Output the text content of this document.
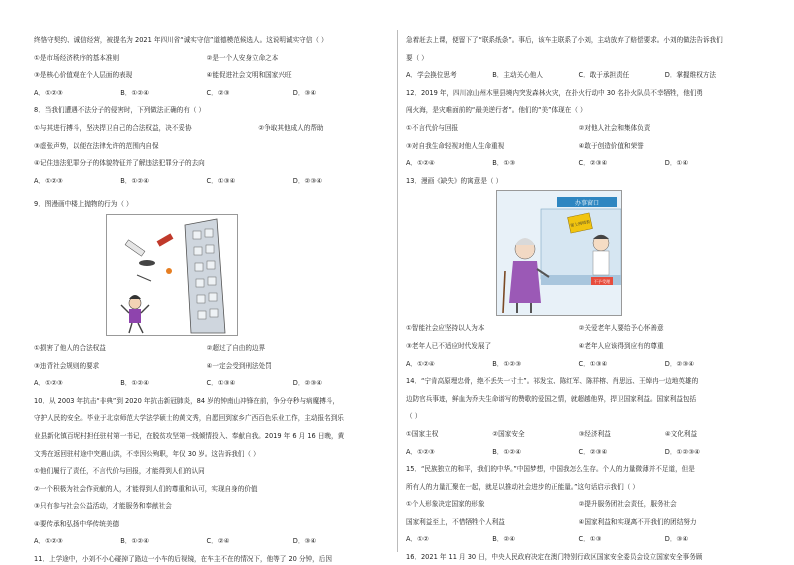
终恪守契约、诚信经营，被提名为 2021 年四川省“诚实守信”道德模范候选人。这说明诚实守信（ ）
①是市场经济秩序的基本准则	②是一个人安身立命之本
③是核心价值观在个人层面的表现	④能促进社会文明和国家兴旺
A．①②③	B．①②④	C．②③	D．③④
8．当我们遭遇不法分子的侵害时，下列做法正确的有（ ）
①与其进行搏斗，坚决捍卫自己的合法权益，决不妥协	②争取其他成人的帮助
③虚张声势，以便在法律允许的范围内自保
④记住违法犯罪分子的体貌特征并了解违法犯罪分子的去向
A．①②③	B．①②④	C．①③④	D．②③④
9．图漫画中楼上抛物的行为（ ）
①损害了他人的合法权益	②超过了自由的边界
③违背社会规则的要求	④一定会受到刑法处罚
A．①②③	B．①②④	C．①③④	D．②③④
10．从 2003 年抗击“非典”到 2020 年抗击新冠肺炎，84 岁的钟南山冲锋在前，争分夺秒与病魔搏斗，
守护人民的安全。毕业于北京师范大学法学硕士的黄文秀，自愿回到家乡广西百色乐业工作，主动报名到乐
业县新化镇百坭村担任驻村第一书记，在脱贫攻坚第一线倾情投入、奉献自我。2019 年 6 月 16 日晚，黄
文秀在返回驻村途中突遇山洪，不幸因公殉职，年仅 30 岁。这告诉我们（ ）
①他们履行了责任，不言代价与回报，才能得到人们的认同
②一个积极为社会作贡献的人，才能得到人们的尊重和认可，实现自身的价值
③只有参与社会公益活动，才能服务和奉献社会
④要传承和弘扬中华传统美德
A．①②③	B．①②④	C．②④	D．③④
11．上学途中，小刘不小心碰掉了路边一小车的后视镜，在车主不在的情况下，他等了 20 分钟，后因
急着赶去上课，便留下了“联系纸条”。事后，该车主联系了小刘，主动放弃了赔偿要求。小刘的做法告诉我们
要（ ）
A．学会换位思考	B．主动关心他人	C．敢于承担责任	D．掌握维权方法
12．2019 年，四川凉山州木里县境内突发森林火灾，在扑火行动中 30 名扑火队员不幸牺牲，他们勇
闯火海，是灾难面前的“最美逆行者”。他们的“美”体现在（ ）
①不言代价与回报	②对他人社会和集体负责
③对自我生命轻视对他人生命重视	④敢于创造价值和荣誉
A．①②④	B．①③	C．②③④	D．①④
13．漫画《缺失》的寓意是（ ）
办事窗口
需上网填表
不予受理
①智能社会应坚持以人为本	②关爱老年人要给予心怀善意
③老年人已不适应时代发展了	④老年人应该得到应有的尊重
A．①②④	B．①②③	C．①③④	D．②③④
14．“宁肯高原埋忠骨，绝不丢失一寸土”。祁发宝、陈红军、陈祥榕、肖思远、王焯冉一边地英雄的
边防官兵事迹，鲜血为乔夫生命谱写的赞歌的爱国之情，就超越他界，捍卫国家利益。国家利益包括
（ ）
①国家主权	②国家安全	③经济利益	④文化利益
A．①②③	B．①②④	C．②③④	D．①②③④
15．“民族独立的和平，我们的中华。”中国梦想，中国我怎么生存。个人的力量微薄并不足道，但是
所有人的力量汇聚在一起，就足以推动社会进步的正能量。”这句话启示我们（ ）
①个人形象决定国家的形象	②提升服务团社会责任，服务社会
国家利益至上，不惜牺牲个人利益	④国家利益和实现离不开我们的团结努力
A．①②	B．②④	C．①③	D．③④
16．2021 年 11 月 30 日，中央人民政府决定在澳门特别行政区国家安全委员会设立国家安全事务顾
